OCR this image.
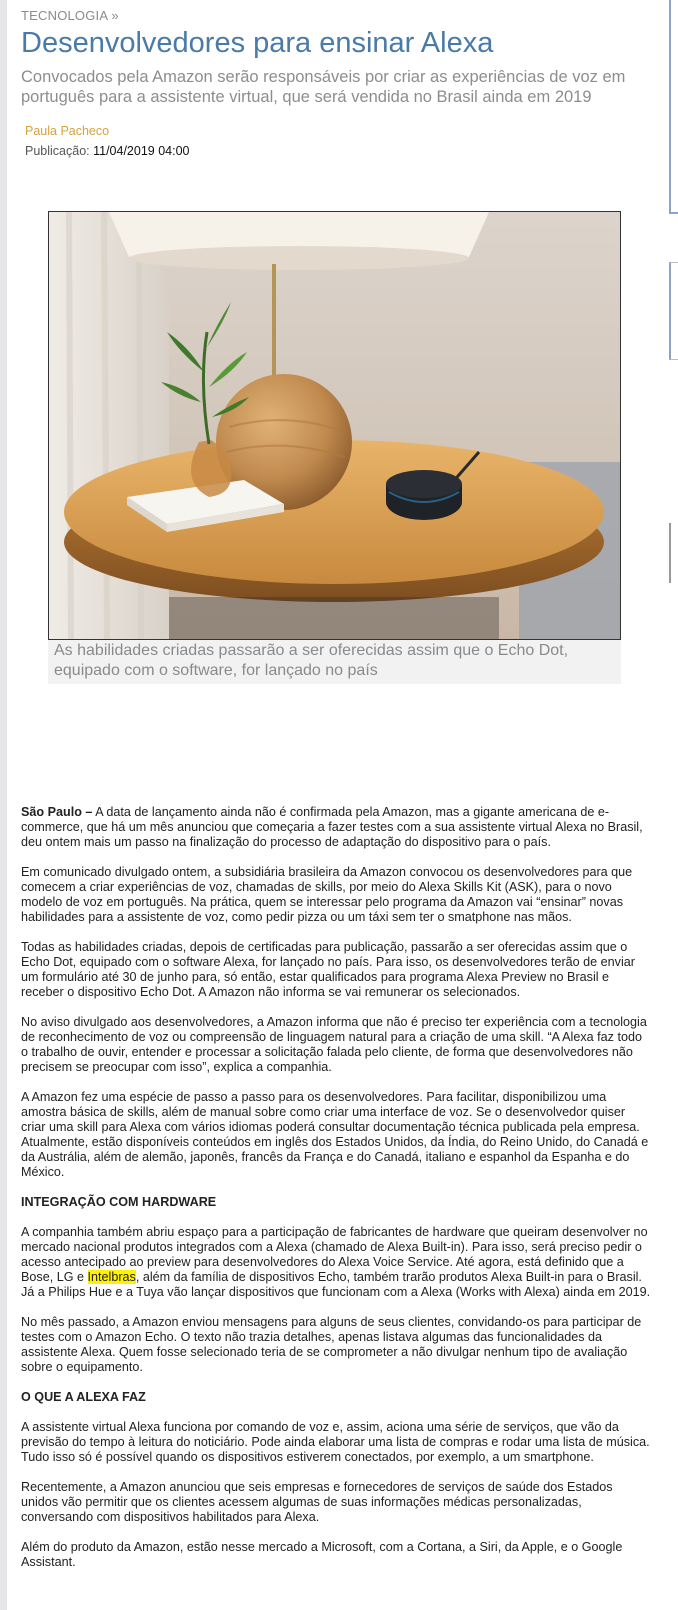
TECNOLOGIA »
Desenvolvedores para ensinar Alexa

Convocados pela Amazon serão responsáveis por criar as experiências de voz em português para a assistente virtual, que será vendida no Brasil ainda em 2019

Paula Pacheco
Publicação: 11/04/2019 04:00
As habilidades criadas passarão a ser oferecidas assim que o Echo Dot, equipado com o software, for lançado no país

São Paulo – A data de lançamento ainda não é confirmada pela Amazon, mas a gigante americana de e-commerce, que há um mês anunciou que começaria a fazer testes com a sua assistente virtual Alexa no Brasil, deu ontem mais um passo na finalização do processo de adaptação do dispositivo para o país.

Em comunicado divulgado ontem, a subsidiária brasileira da Amazon convocou os desenvolvedores para que comecem a criar experiências de voz, chamadas de skills, por meio do Alexa Skills Kit (ASK), para o novo modelo de voz em português. Na prática, quem se interessar pelo programa da Amazon vai “ensinar” novas habilidades para a assistente de voz, como pedir pizza ou um táxi sem ter o smatphone nas mãos.

Todas as habilidades criadas, depois de certificadas para publicação, passarão a ser oferecidas assim que o Echo Dot, equipado com o software Alexa, for lançado no país. Para isso, os desenvolvedores terão de enviar um formulário até 30 de junho para, só então, estar qualificados para programa Alexa Preview no Brasil e receber o dispositivo Echo Dot. A Amazon não informa se vai remunerar os selecionados.

No aviso divulgado aos desenvolvedores, a Amazon informa que não é preciso ter experiência com a tecnologia de reconhecimento de voz ou compreensão de linguagem natural para a criação de uma skill. “A Alexa faz todo o trabalho de ouvir, entender e processar a solicitação falada pelo cliente, de forma que desenvolvedores não precisem se preocupar com isso”, explica a companhia.

A Amazon fez uma espécie de passo a passo para os desenvolvedores. Para facilitar, disponibilizou uma amostra básica de skills, além de manual sobre como criar uma interface de voz. Se o desenvolvedor quiser criar uma skill para Alexa com vários idiomas poderá consultar documentação técnica publicada pela empresa. Atualmente, estão disponíveis conteúdos em inglês dos Estados Unidos, da Índia, do Reino Unido, do Canadá e da Austrália, além de alemão, japonês, francês da França e do Canadá, italiano e espanhol da Espanha e do México.

INTEGRAÇÃO COM HARDWARE

A companhia também abriu espaço para a participação de fabricantes de hardware que queiram desenvolver no mercado nacional produtos integrados com a Alexa (chamado de Alexa Built-in). Para isso, será preciso pedir o acesso antecipado ao preview para desenvolvedores do Alexa Voice Service. Até agora, está definido que a Bose, LG e Intelbras, além da família de dispositivos Echo, também trarão produtos Alexa Built-in para o Brasil. Já a Philips Hue e a Tuya vão lançar dispositivos que funcionam com a Alexa (Works with Alexa) ainda em 2019.

No mês passado, a Amazon enviou mensagens para alguns de seus clientes, convidando-os para participar de testes com o Amazon Echo. O texto não trazia detalhes, apenas listava algumas das funcionalidades da assistente Alexa. Quem fosse selecionado teria de se comprometer a não divulgar nenhum tipo de avaliação sobre o equipamento.

O QUE A ALEXA FAZ

A assistente virtual Alexa funciona por comando de voz e, assim, aciona uma série de serviços, que vão da previsão do tempo à leitura do noticiário. Pode ainda elaborar uma lista de compras e rodar uma lista de música. Tudo isso só é possível quando os dispositivos estiverem conectados, por exemplo, a um smartphone.

Recentemente, a Amazon anunciou que seis empresas e fornecedores de serviços de saúde dos Estados unidos vão permitir que os clientes acessem algumas de suas informações médicas personalizadas, conversando com dispositivos habilitados para Alexa.

Além do produto da Amazon, estão nesse mercado a Microsoft, com a Cortana, a Siri, da Apple, e o Google Assistant.
